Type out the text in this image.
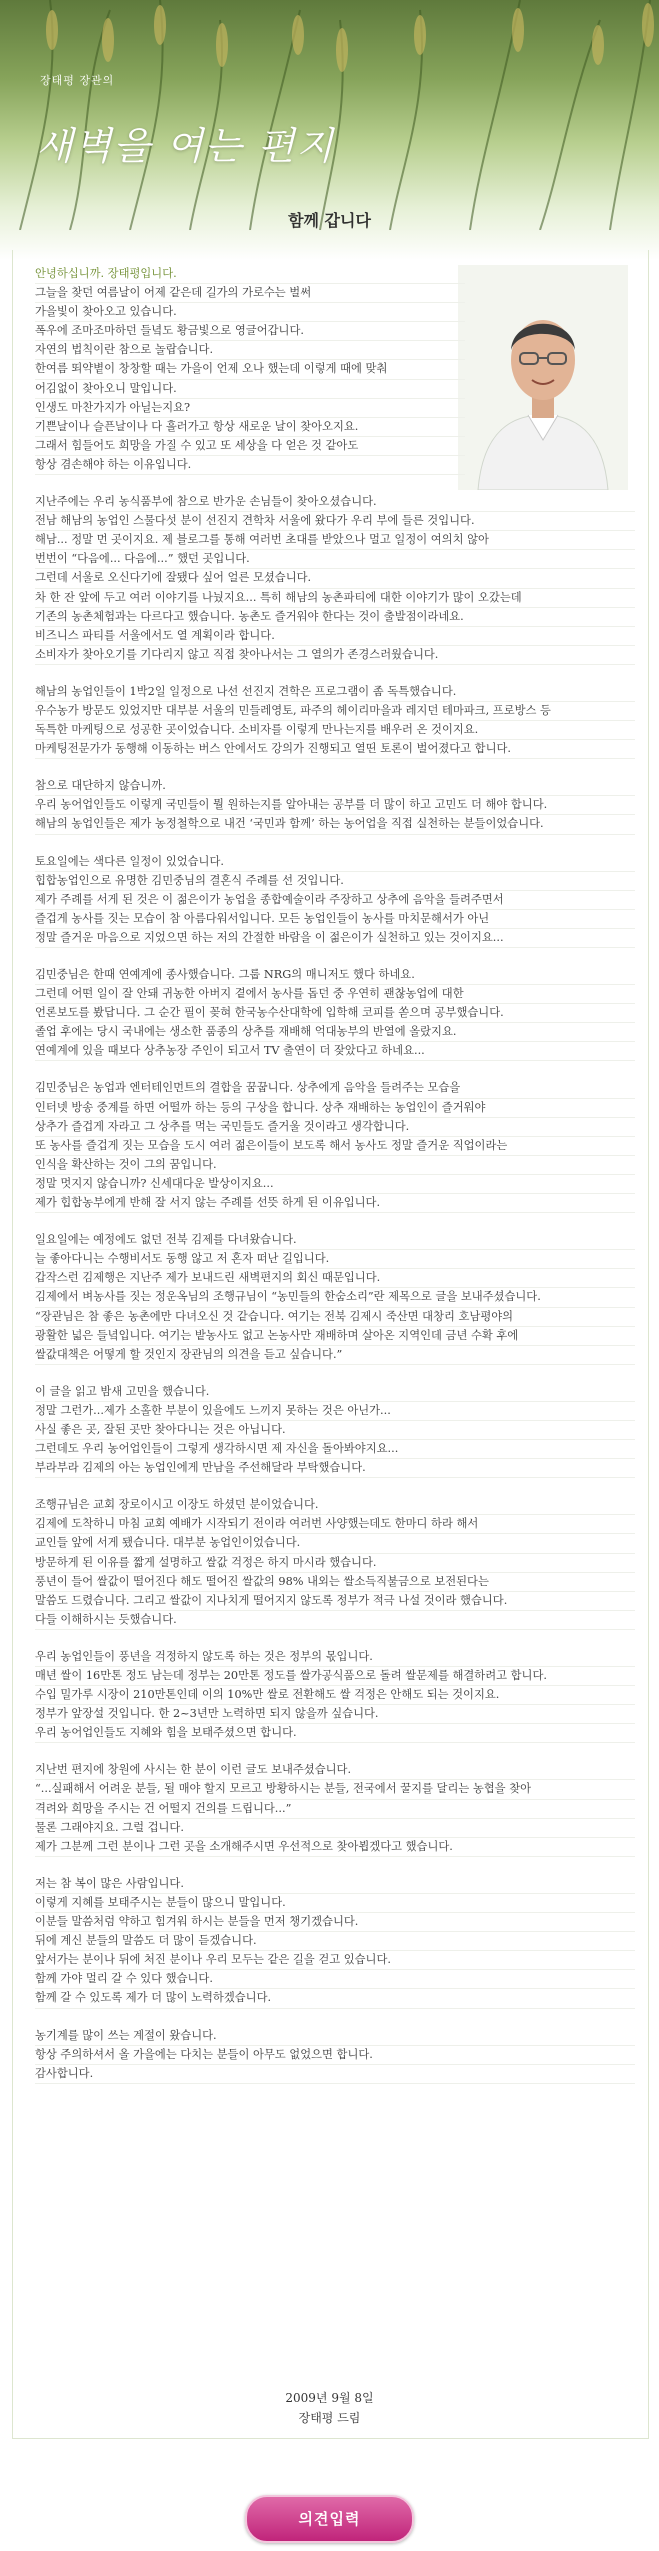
장태평 장관의
새벽을 여는 편지
함께 갑니다
안녕하십니까. 장태평입니다.
그늘을 찾던 여름날이 어제 같은데 길가의 가로수는 벌써
가을빛이 찾아오고 있습니다.
폭우에 조마조마하던 들녘도 황금빛으로 영글어갑니다.
자연의 법칙이란 참으로 놀랍습니다.
한여름 뙤약볕이 창창할 때는 가을이 언제 오나 했는데 이렇게 때에 맞춰
어김없이 찾아오니 말입니다.
인생도 마찬가지가 아닐는지요?
기쁜날이나 슬픈날이나 다 흘러가고 항상 새로운 날이 찾아오지요.
그래서 힘들어도 희망을 가질 수 있고 또 세상을 다 얻은 것 같아도
항상 겸손해야 하는 이유입니다.
지난주에는 우리 농식품부에 참으로 반가운 손님들이 찾아오셨습니다.
전남 해남의 농업인 스물다섯 분이 선진지 견학차 서울에 왔다가 우리 부에 들른 것입니다.
해남... 정말 먼 곳이지요. 제 블로그를 통해 여러번 초대를 받았으나 멀고 일정이 여의치 않아
번번이 “다음에... 다음에...” 했던 곳입니다.
그런데 서울로 오신다기에 잘됐다 싶어 얼른 모셨습니다.
차 한 잔 앞에 두고 여러 이야기를 나눴지요... 특히 해남의 농촌파티에 대한 이야기가 많이 오갔는데
기존의 농촌체험과는 다르다고 했습니다. 농촌도 즐거워야 한다는 것이 출발점이라네요.
비즈니스 파티를 서울에서도 열 계획이라 합니다.
소비자가 찾아오기를 기다리지 않고 직접 찾아나서는 그 열의가 존경스러웠습니다.
해남의 농업인들이 1박2일 일정으로 나선 선진지 견학은 프로그램이 좀 독특했습니다.
우수농가 방문도 있었지만 대부분 서울의 민들레영토, 파주의 헤이리마을과 레지던 테마파크, 프로방스 등
독특한 마케팅으로 성공한 곳이었습니다. 소비자를 이렇게 만나는지를 배우러 온 것이지요.
마케팅전문가가 동행해 이동하는 버스 안에서도 강의가 진행되고 열띤 토론이 벌어졌다고 합니다.
참으로 대단하지 않습니까.
우리 농어업인들도 이렇게 국민들이 뭘 원하는지를 알아내는 공부를 더 많이 하고 고민도 더 해야 합니다.
해남의 농업인들은 제가 농정철학으로 내건 ‘국민과 함께’ 하는 농어업을 직접 실천하는 분들이었습니다.
토요일에는 색다른 일정이 있었습니다.
힙합농업인으로 유명한 김민중님의 결혼식 주례를 선 것입니다.
제가 주례를 서게 된 것은 이 젊은이가 농업을 종합예술이라 주장하고 상추에 음악을 들려주면서
즐겁게 농사를 짓는 모습이 참 아름다워서입니다. 모든 농업인들이 농사를 마치문해서가 아닌
정말 즐거운 마음으로 지었으면 하는 저의 간절한 바람을 이 젊은이가 실천하고 있는 것이지요...
김민중님은 한때 연예계에 종사했습니다. 그룹 NRG의 매니저도 했다 하네요.
그런데 어떤 일이 잘 안돼 귀농한 아버지 곁에서 농사를 돕던 중 우연히 괜찮농업에 대한
언론보도를 봤답니다. 그 순간 필이 꽂혀 한국농수산대학에 입학해 코피를 쏟으며 공부했습니다.
졸업 후에는 당시 국내에는 생소한 품종의 상추를 재배해 억대농부의 반열에 올랐지요.
연예계에 있을 때보다 상추농장 주인이 되고서 TV 출연이 더 잦았다고 하네요...
김민중님은 농업과 엔터테인먼트의 결합을 꿈꿉니다. 상추에게 음악을 들려주는 모습을
인터넷 방송 중계를 하면 어떨까 하는 등의 구상을 합니다. 상추 재배하는 농업인이 즐거워야
상추가 즐겁게 자라고 그 상추를 먹는 국민들도 즐거울 것이라고 생각합니다.
또 농사를 즐겁게 짓는 모습을 도시 여러 젊은이들이 보도록 해서 농사도 정말 즐거운 직업이라는
인식을 확산하는 것이 그의 꿈입니다.
정말 멋지지 않습니까? 신세대다운 발상이지요...
제가 힙합농부에게 반해 잘 서지 않는 주례를 선뜻 하게 된 이유입니다.
일요일에는 예정에도 없던 전북 김제를 다녀왔습니다.
늘 좋아다니는 수행비서도 동행 않고 저 혼자 떠난 길입니다.
갑작스런 김제행은 지난주 제가 보내드린 새벽편지의 회신 때문입니다.
김제에서 벼농사를 짓는 정운옥님의 조행규님이 “농민들의 한숨소리”란 제목으로 글을 보내주셨습니다.
“장관님은 참 좋은 농촌에만 다녀오신 것 같습니다. 여기는 전북 김제시 죽산면 대창리 호남평야의
광활한 넓은 들녘입니다. 여기는 밭농사도 없고 논농사만 재배하며 살아온 지역인데 금년 수확 후에
쌀값대책은 어떻게 할 것인지 장관님의 의견을 듣고 싶습니다.”
이 글을 읽고 밤새 고민을 했습니다.
정말 그런가...제가 소홀한 부분이 있을에도 느끼지 못하는 것은 아닌가...
사실 좋은 곳, 잘된 곳만 찾아다니는 것은 아닙니다.
그런데도 우리 농어업인들이 그렇게 생각하시면 제 자신을 돌아봐야지요...
부라부라 김제의 아는 농업인에게 만남을 주선해달라 부탁했습니다.
조행규님은 교회 장로이시고 이장도 하셨던 분이었습니다.
김제에 도착하니 마침 교회 예배가 시작되기 전이라 여러번 사양했는데도 한마디 하라 해서
교인들 앞에 서게 됐습니다. 대부분 농업인이었습니다.
방문하게 된 이유를 짧게 설명하고 쌀값 걱정은 하지 마시라 했습니다.
풍년이 들어 쌀값이 떨어진다 해도 떨어진 쌀값의 98% 내외는 쌀소득직불금으로 보전된다는
말씀도 드렸습니다. 그리고 쌀값이 지나치게 떨어지지 않도록 정부가 적극 나설 것이라 했습니다.
다들 이해하시는 듯했습니다.
우리 농업인들이 풍년을 걱정하지 않도록 하는 것은 정부의 몫입니다.
매년 쌀이 16만톤 정도 남는데 정부는 20만톤 정도를 쌀가공식품으로 돌려 쌀문제를 해결하려고 합니다.
수입 밀가루 시장이 210만톤인데 이의 10%만 쌀로 전환해도 쌀 걱정은 안해도 되는 것이지요.
정부가 앞장설 것입니다. 한 2~3년만 노력하면 되지 않을까 싶습니다.
우리 농어업인들도 지혜와 힘을 보태주셨으면 합니다.
지난번 편지에 창원에 사시는 한 분이 이런 글도 보내주셨습니다.
“...실패해서 어려운 분들, 될 매야 할지 모르고 방황하시는 분들, 전국에서 꿀지를 달리는 농협을 찾아
격려와 희망을 주시는 건 어떨지 건의를 드립니다...”
물론 그래야지요. 그럴 겁니다.
제가 그분께 그런 분이나 그런 곳을 소개해주시면 우선적으로 찾아뵙겠다고 했습니다.
저는 참 복이 많은 사람입니다.
이렇게 지혜를 보태주시는 분들이 많으니 말입니다.
이분들 말씀처럼 약하고 힘겨워 하시는 분들을 먼저 챙기겠습니다.
뒤에 계신 분들의 말씀도 더 많이 듣겠습니다.
앞서가는 분이나 뒤에 처진 분이나 우리 모두는 같은 길을 걷고 있습니다.
함께 가야 멀리 갈 수 있다 했습니다.
함께 갈 수 있도록 제가 더 많이 노력하겠습니다.
농기계를 많이 쓰는 계절이 왔습니다.
항상 주의하셔서 올 가을에는 다치는 분들이 아무도 없었으면 합니다.
감사합니다.
2009년 9월 8일
장태평 드림
의견입력
